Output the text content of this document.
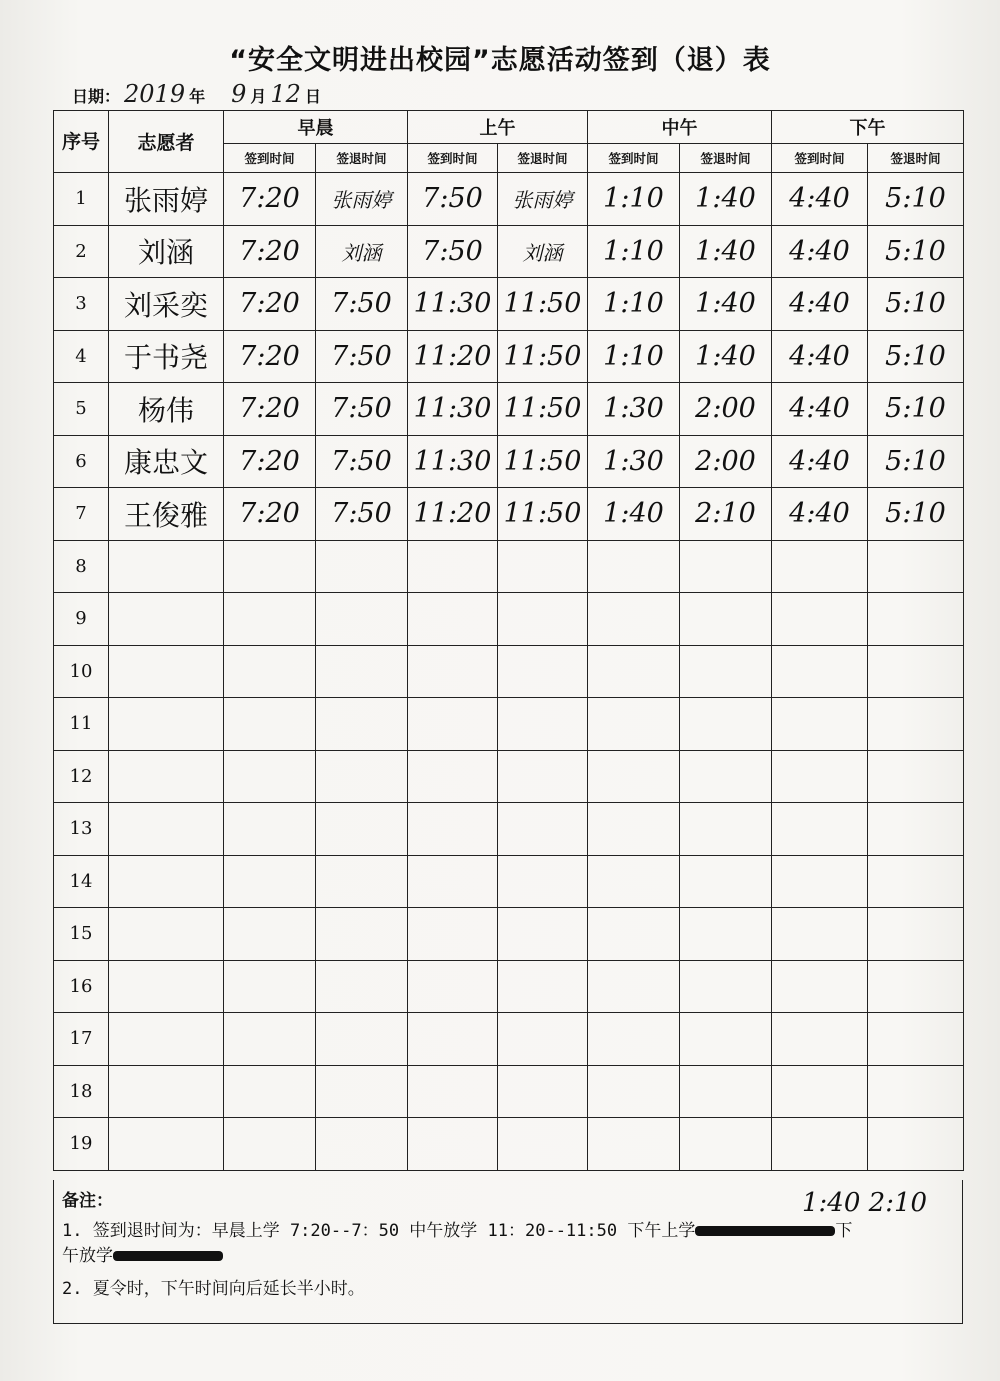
“安全文明进出校园”志愿活动签到（退）表
日期： 2019 年 9 月 12 日
序号	志愿者	早晨		上午		中午		下午	
		签到时间	签退时间	签到时间	签退时间	签到时间	签退时间	签到时间	签退时间
1	张雨婷	7:20	张雨婷	7:50	张雨婷	1:10	1:40	4:40	5:10
2	刘涵	7:20	刘涵	7:50	刘涵	1:10	1:40	4:40	5:10
3	刘采奕	7:20	7:50	11:30	11:50	1:10	1:40	4:40	5:10
4	于书尧	7:20	7:50	11:20	11:50	1:10	1:40	4:40	5:10
5	杨伟	7:20	7:50	11:30	11:50	1:30	2:00	4:40	5:10
6	康忠文	7:20	7:50	11:30	11:50	1:30	2:00	4:40	5:10
7	王俊雅	7:20	7:50	11:20	11:50	1:40	2:10	4:40	5:10
8									
9									
10									
11									
12									
13									
14									
15									
16									
17									
18									
19									
备注：
1. 签到退时间为：早晨上学 7:20--7：50 中午放学 11：20--11:50 下午上学	下
午放学
2. 夏令时，下午时间向后延长半小时。
1:40 2:10
